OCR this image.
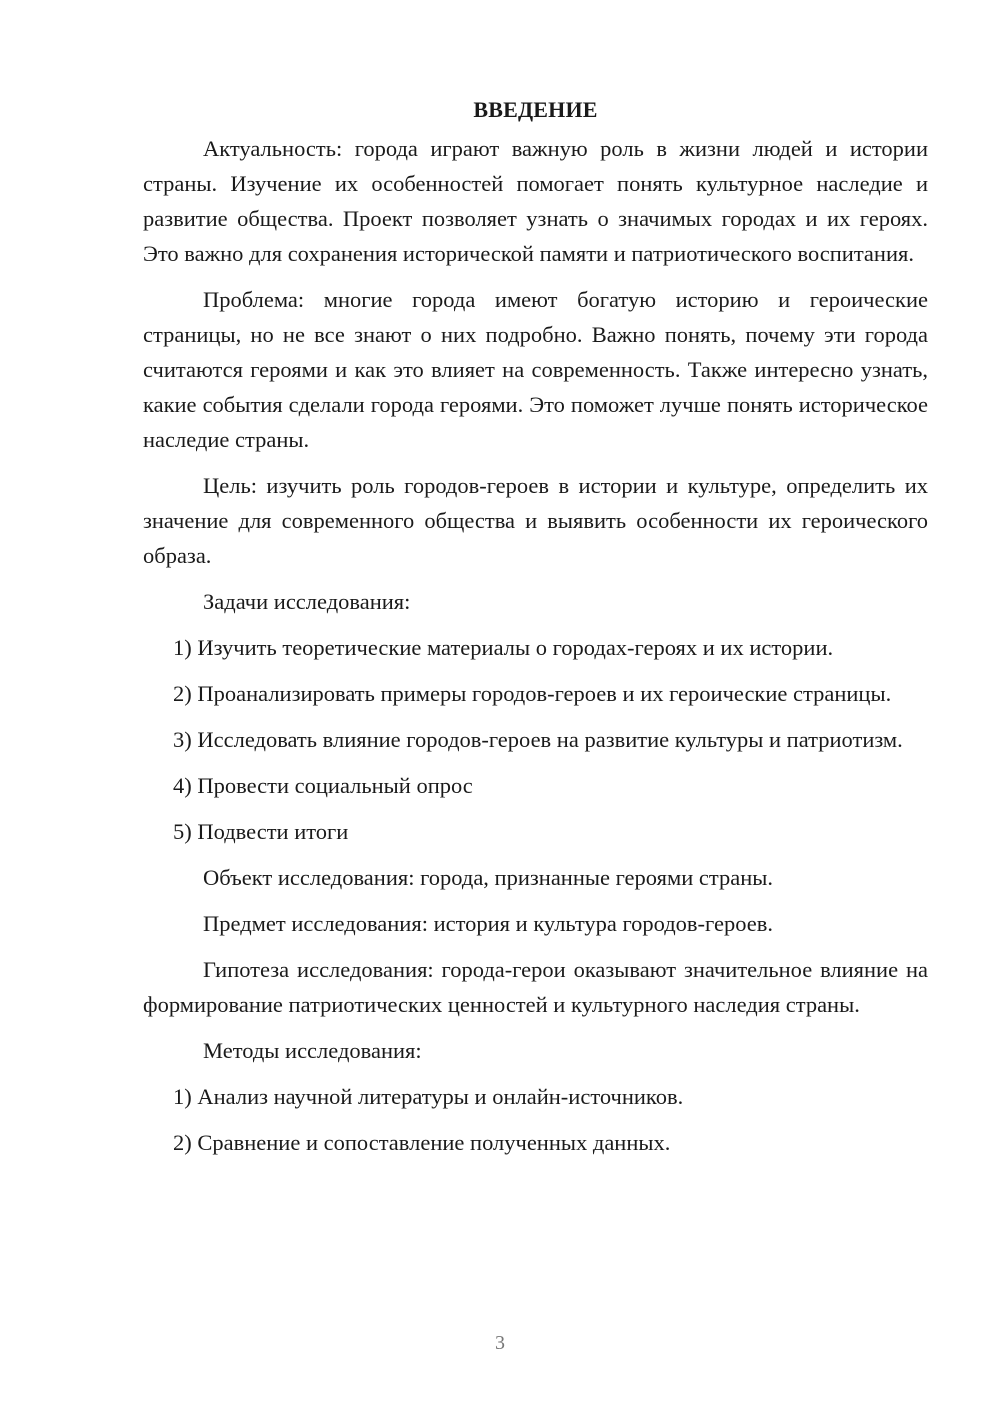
ВВЕДЕНИЕ

Актуальность: города играют важную роль в жизни людей и истории страны. Изучение их особенностей помогает понять культурное наследие и развитие общества. Проект позволяет узнать о значимых городах и их героях. Это важно для сохранения исторической памяти и патриотического воспитания.

Проблема: многие города имеют богатую историю и героические страницы, но не все знают о них подробно. Важно понять, почему эти города считаются героями и как это влияет на современность. Также интересно узнать, какие события сделали города героями. Это поможет лучше понять историческое наследие страны.

Цель: изучить роль городов-героев в истории и культуре, определить их значение для современного общества и выявить особенности их героического образа.

Задачи исследования:

1) Изучить теоретические материалы о городах-героях и их истории.

2) Проанализировать примеры городов-героев и их героические страницы.

3) Исследовать влияние городов-героев на развитие культуры и патриотизм.

4) Провести социальный опрос

5) Подвести итоги

Объект исследования: города, признанные героями страны.

Предмет исследования: история и культура городов-героев.

Гипотеза исследования: города-герои оказывают значительное влияние на формирование патриотических ценностей и культурного наследия страны.

Методы исследования:

1) Анализ научной литературы и онлайн-источников.

2) Сравнение и сопоставление полученных данных.

3
